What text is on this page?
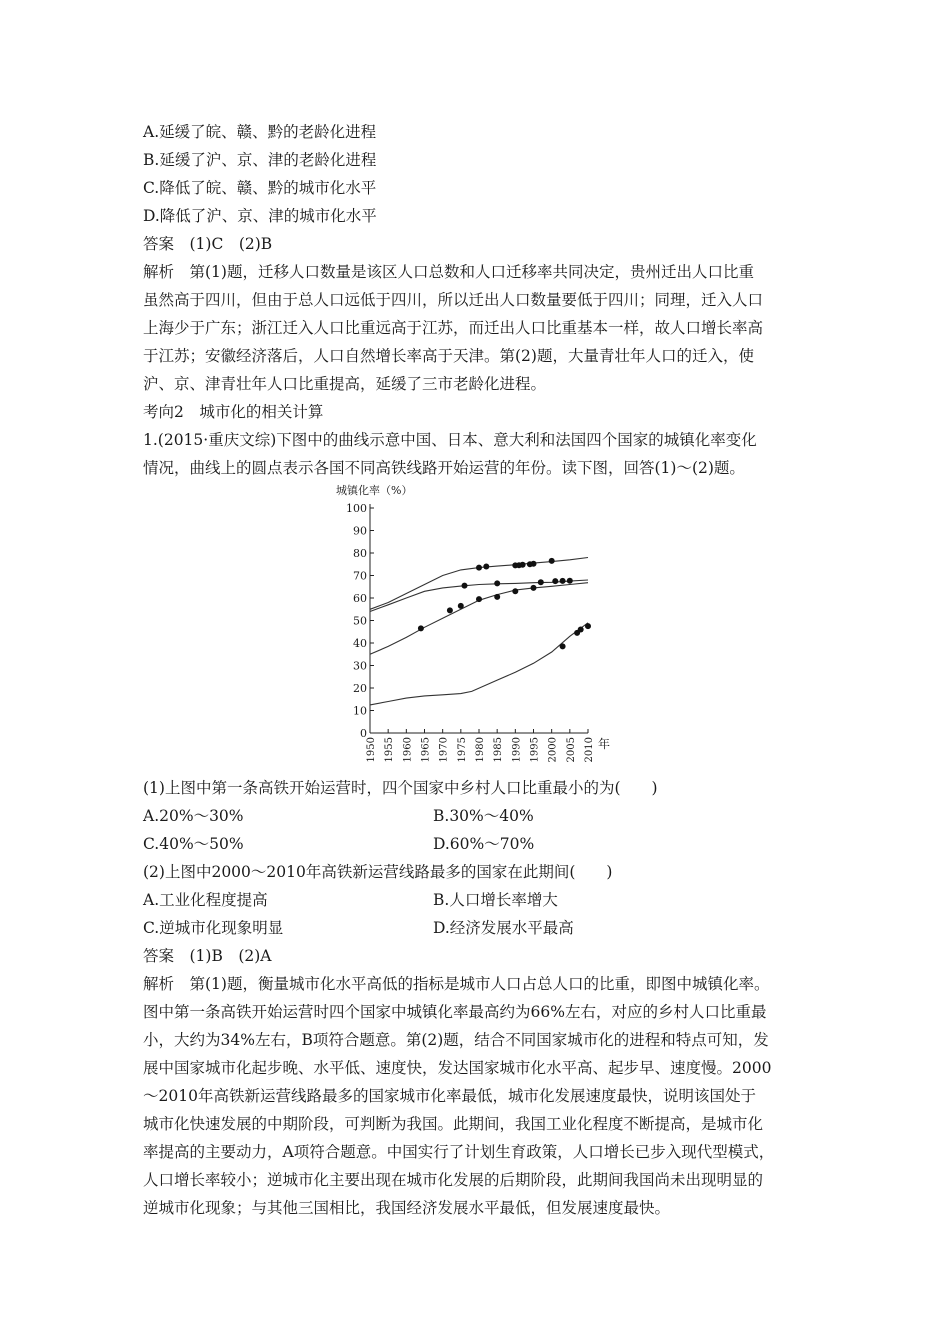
A.延缓了皖、赣、黔的老龄化进程
B.延缓了沪、京、津的老龄化进程
C.降低了皖、赣、黔的城市化水平
D.降低了沪、京、津的城市化水平
答案　(1)C　(2)B
解析　第(1)题，迁移人口数量是该区人口总数和人口迁移率共同决定，贵州迁出人口比重
虽然高于四川，但由于总人口远低于四川，所以迁出人口数量要低于四川；同理，迁入人口
上海少于广东；浙江迁入人口比重远高于江苏，而迁出人口比重基本一样，故人口增长率高
于江苏；安徽经济落后，人口自然增长率高于天津。第(2)题，大量青壮年人口的迁入，使
沪、京、津青壮年人口比重提高，延缓了三市老龄化进程。
考向2　城市化的相关计算
1.(2015·重庆文综)下图中的曲线示意中国、日本、意大利和法国四个国家的城镇化率变化
情况，曲线上的圆点表示各国不同高铁线路开始运营的年份。读下图，回答(1)～(2)题。
城镇化率（%）
年
0
10
20
30
40
50
60
70
80
90
100
1950 1955 1960 1965 1970 1975 1980 1985 1990 1995 2000 2005 2010
(1)上图中第一条高铁开始运营时，四个国家中乡村人口比重最小的为(　　)
A.20%～30%	B.30%～40%
C.40%～50%	D.60%～70%
(2)上图中2000～2010年高铁新运营线路最多的国家在此期间(　　)
A.工业化程度提高	B.人口增长率增大
C.逆城市化现象明显	D.经济发展水平最高
答案　(1)B　(2)A
解析　第(1)题，衡量城市化水平高低的指标是城市人口占总人口的比重，即图中城镇化率。
图中第一条高铁开始运营时四个国家中城镇化率最高约为66%左右，对应的乡村人口比重最
小，大约为34%左右，B项符合题意。第(2)题，结合不同国家城市化的进程和特点可知，发
展中国家城市化起步晚、水平低、速度快，发达国家城市化水平高、起步早、速度慢。2000
～2010年高铁新运营线路最多的国家城市化率最低，城市化发展速度最快，说明该国处于
城市化快速发展的中期阶段，可判断为我国。此期间，我国工业化程度不断提高，是城市化
率提高的主要动力，A项符合题意。中国实行了计划生育政策，人口增长已步入现代型模式，
人口增长率较小；逆城市化主要出现在城市化发展的后期阶段，此期间我国尚未出现明显的
逆城市化现象；与其他三国相比，我国经济发展水平最低，但发展速度最快。
